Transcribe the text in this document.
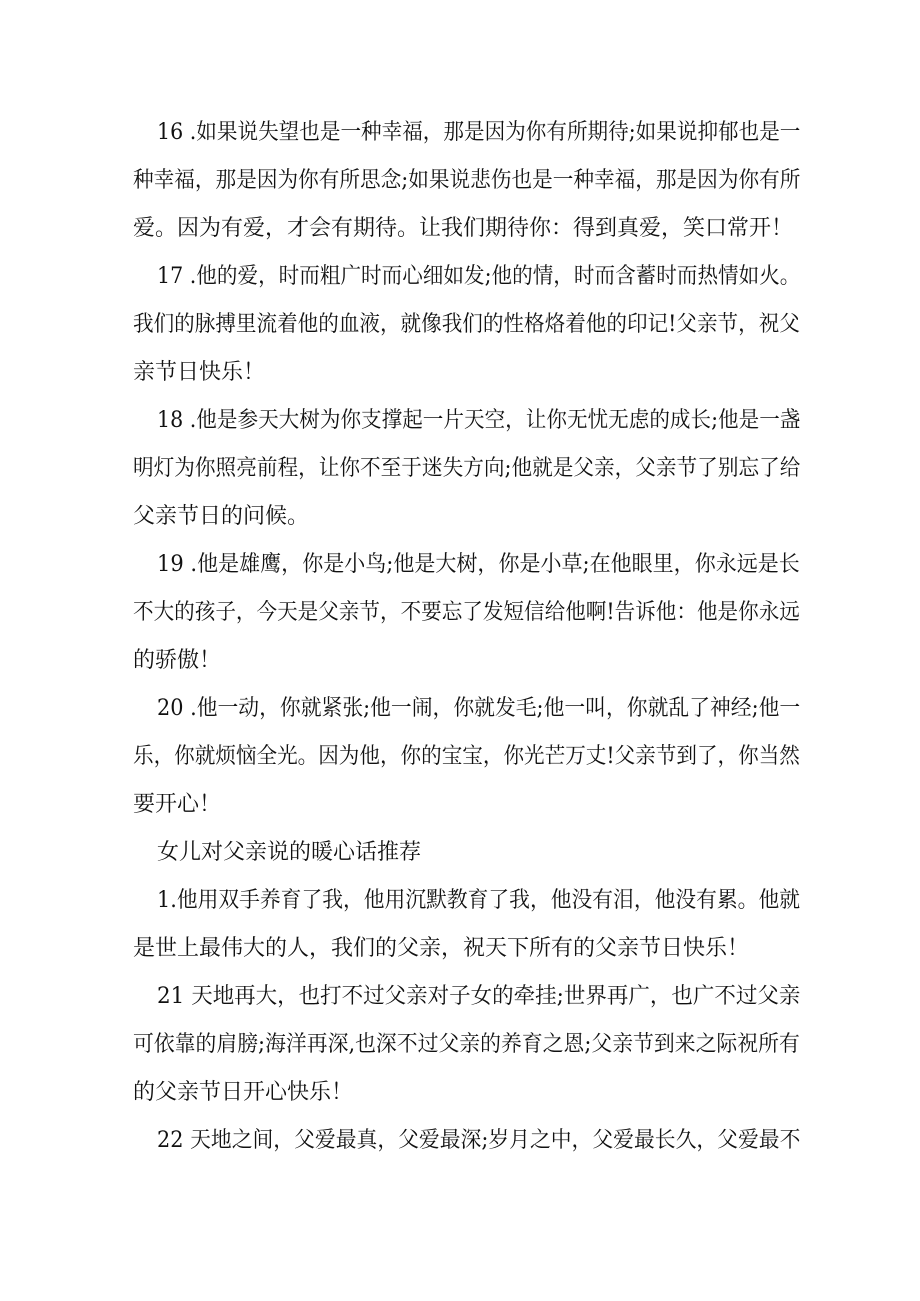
16 .如果说失望也是一种幸福，那是因为你有所期待;如果说抑郁也是一
种幸福，那是因为你有所思念;如果说悲伤也是一种幸福，那是因为你有所
爱。因为有爱，才会有期待。让我们期待你：得到真爱，笑口常开！
17 .他的爱，时而粗广时而心细如发;他的情，时而含蓄时而热情如火。
我们的脉搏里流着他的血液，就像我们的性格烙着他的印记!父亲节，祝父
亲节日快乐！
18 .他是参天大树为你支撑起一片天空，让你无忧无虑的成长;他是一盏
明灯为你照亮前程，让你不至于迷失方向;他就是父亲，父亲节了别忘了给
父亲节日的问候。
19 .他是雄鹰，你是小鸟;他是大树，你是小草;在他眼里，你永远是长
不大的孩子，今天是父亲节，不要忘了发短信给他啊!告诉他：他是你永远
的骄傲！
20 .他一动，你就紧张;他一闹，你就发毛;他一叫，你就乱了神经;他一
乐，你就烦恼全光。因为他，你的宝宝，你光芒万丈!父亲节到了，你当然
要开心！
女儿对父亲说的暖心话推荐
1.他用双手养育了我，他用沉默教育了我，他没有泪，他没有累。他就
是世上最伟大的人，我们的父亲，祝天下所有的父亲节日快乐！
21 天地再大，也打不过父亲对子女的牵挂;世界再广，也广不过父亲
可依靠的肩膀;海洋再深,也深不过父亲的养育之恩;父亲节到来之际祝所有
的父亲节日开心快乐！
22 天地之间，父爱最真，父爱最深;岁月之中，父爱最长久，父爱最不
